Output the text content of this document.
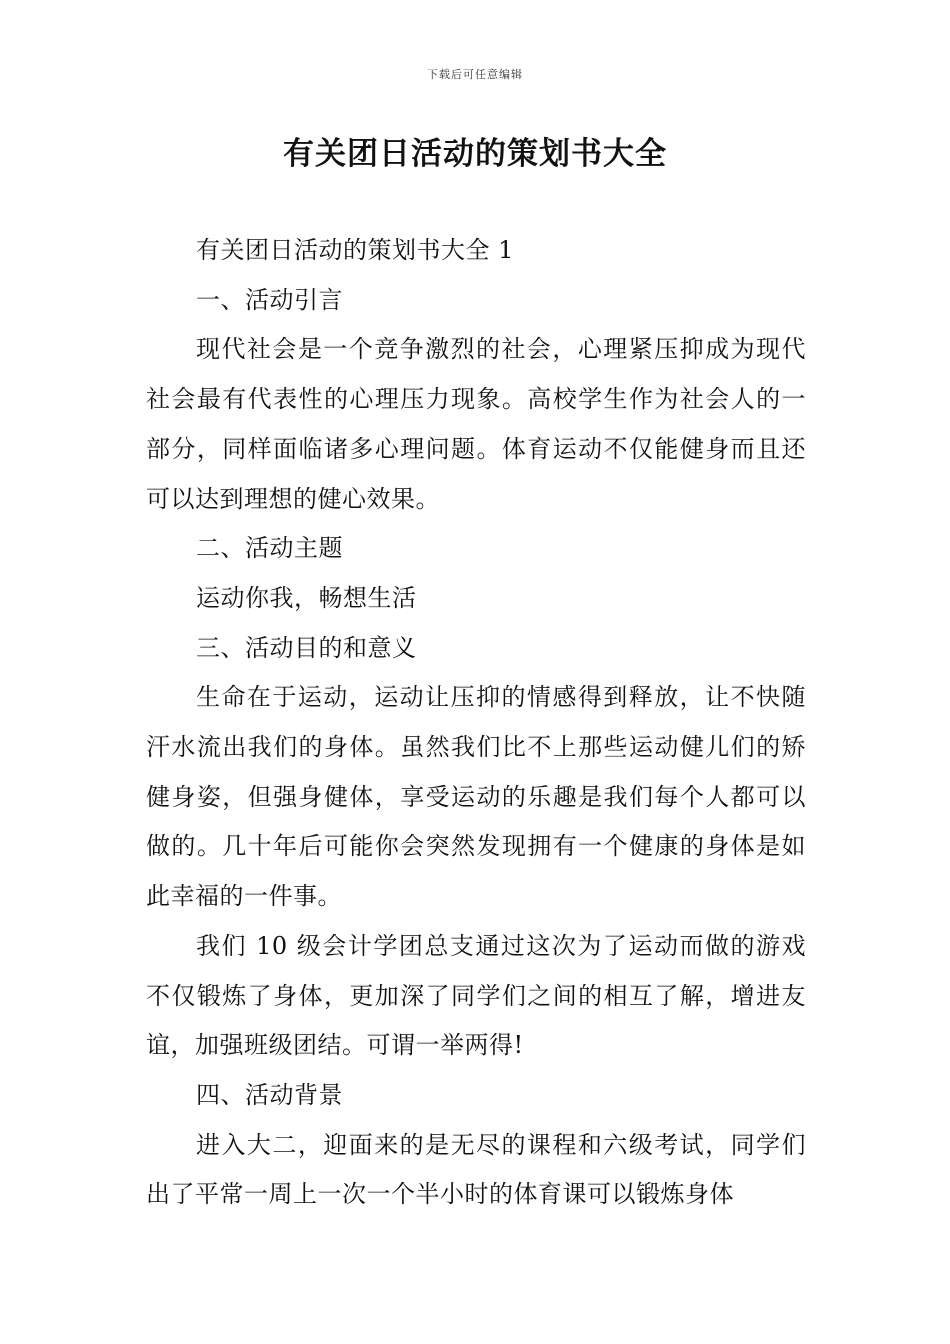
下载后可任意编辑
有关团日活动的策划书大全

有关团日活动的策划书大全 1

一、活动引言

现代社会是一个竞争激烈的社会，心理紧压抑成为现代社会最有代表性的心理压力现象。高校学生作为社会人的一部分，同样面临诸多心理问题。体育运动不仅能健身而且还可以达到理想的健心效果。

二、活动主题

运动你我，畅想生活

三、活动目的和意义

生命在于运动，运动让压抑的情感得到释放，让不快随汗水流出我们的身体。虽然我们比不上那些运动健儿们的矫健身姿，但强身健体，享受运动的乐趣是我们每个人都可以做的。几十年后可能你会突然发现拥有一个健康的身体是如此幸福的一件事。

我们 10 级会计学团总支通过这次为了运动而做的游戏不仅锻炼了身体，更加深了同学们之间的相互了解，增进友谊，加强班级团结。可谓一举两得!

四、活动背景

进入大二，迎面来的是无尽的课程和六级考试，同学们出了平常一周上一次一个半小时的体育课可以锻炼身体
